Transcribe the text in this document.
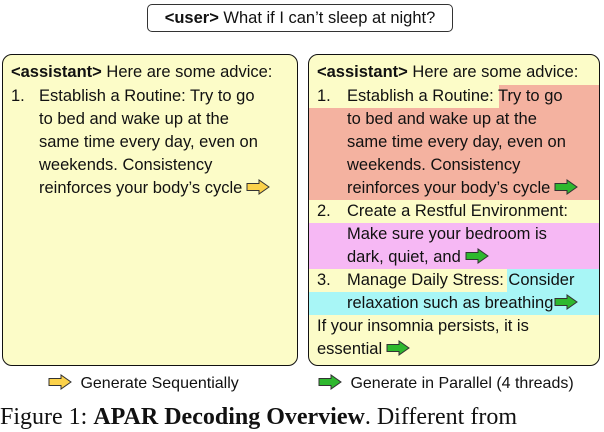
<user> What if I can’t sleep at night?
<assistant> Here are some advice:
1. Establish a Routine: Try to go
to bed and wake up at the
same time every day, even on
weekends. Consistency
reinforces your body’s cycle
<assistant> Here are some advice:
1. Establish a Routine: Try to go
to bed and wake up at the
same time every day, even on
weekends. Consistency
reinforces your body’s cycle
2. Create a Restful Environment:
Make sure your bedroom is
dark, quiet, and
3. Manage Daily Stress: Consider
relaxation such as breathing
If your insomnia persists, it is
essential
Generate Sequentially	Generate in Parallel (4 threads)
Figure 1: APAR Decoding Overview. Different from
